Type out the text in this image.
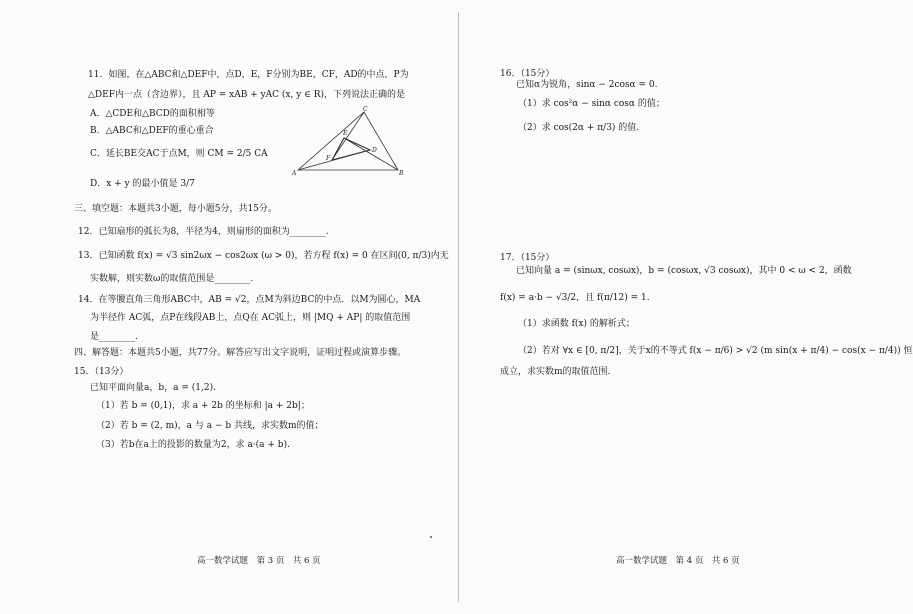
11．如图，在△ABC和△DEF中，点D，E，F分别为BE，CF，AD的中点，P为
△DEF内一点（含边界），且 AP = xAB + yAC (x, y ∈ R)，下列说法正确的是
A．△CDE和△BCD的面积相等
B．△ABC和△DEF的重心重合
C．延长BE交AC于点M，则 CM = 2/5 CA
D．x + y 的最小值是 3/7
A	B
C
D
E
F
三、填空题：本题共3小题，每小题5分，共15分。
12．已知扇形的弧长为8，半径为4，则扇形的面积为________.
13．已知函数 f(x) = √3 sin2ωx − cos2ωx (ω > 0)，若方程 f(x) = 0 在区间(0, π/3)内无
实数解，则实数ω的取值范围是________.
14．在等腰直角三角形ABC中，AB = √2，点M为斜边BC的中点．以M为圆心，MA
为半径作 AC弧，点P在线段AB上，点Q在 AC弧上，则 |MQ + AP| 的取值范围
是________.
四、解答题：本题共5小题，共77分。解答应写出文字说明，证明过程或演算步骤。
15．（13分）
已知平面向量a，b，a = (1,2).
（1）若 b = (0,1)，求 a + 2b 的坐标和 |a + 2b|；
（2）若 b = (2, m)，a 与 a − b 共线，求实数m的值；
（3）若b在a上的投影的数量为2，求 a·(a + b).
高一数学试题　第 3 页　共 6 页
16．（15分）
已知α为锐角，sinα − 2cosα = 0.
（1）求 cos²α − sinα cosα 的值；
（2）求 cos(2α + π/3) 的值.
17．（15分）
已知向量 a = (sinωx, cosωx)，b = (cosωx, √3 cosωx)，其中 0 < ω < 2，函数
f(x) = a·b − √3/2，且 f(π/12) = 1.
（1）求函数 f(x) 的解析式；
（2）若对 ∀x ∈ [0, π/2]，关于x的不等式 f(x − π/6) > √2 (m sin(x + π/4) − cos(x − π/4)) 恒
成立，求实数m的取值范围.
高一数学试题　第 4 页　共 6 页
